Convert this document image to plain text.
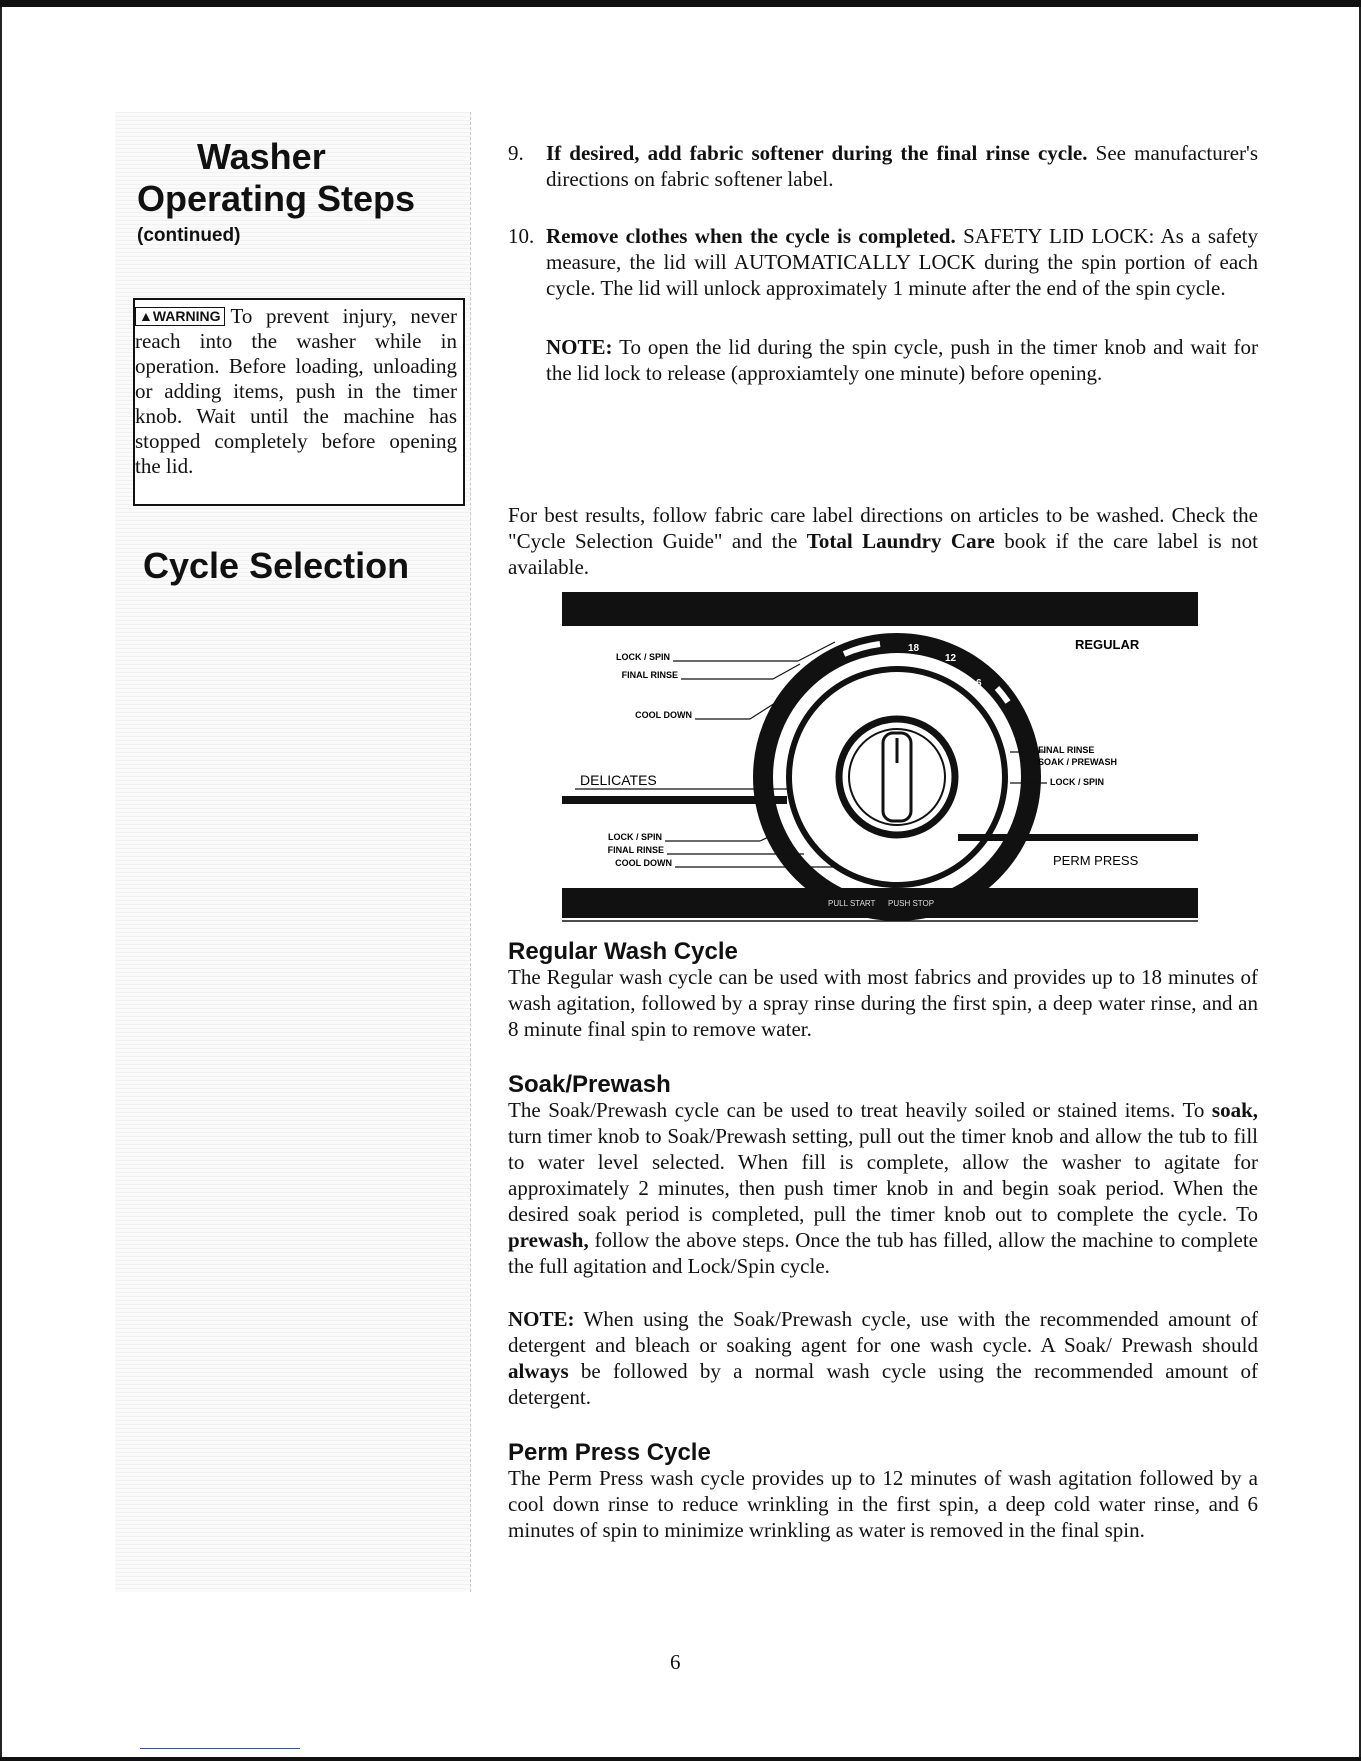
Washer
Operating Steps
(continued)
▲WARNING To prevent injury, never reach into the washer while in operation. Before loading, unloading or adding items, push in the timer knob. Wait until the machine has stopped completely before opening the lid.
Cycle Selection
9. If desired, add fabric softener during the final rinse cycle. See manufacturer's directions on fabric softener label.

10. Remove clothes when the cycle is completed. SAFETY LID LOCK: As a safety measure, the lid will AUTOMATICALLY LOCK during the spin portion of each cycle. The lid will unlock approximately 1 minute after the end of the spin cycle.

NOTE: To open the lid during the spin cycle, push in the timer knob and wait for the lid lock to release (approxiamtely one minute) before opening.

For best results, follow fabric care label directions on articles to be washed. Check the "Cycle Selection Guide" and the Total Laundry Care book if the care label is not available.

REGULAR
DELICATES
PERM PRESS
LOCK / SPIN
FINAL RINSE
COOL DOWN
LOCK / SPIN
FINAL RINSE
COOL DOWN
FINAL RINSE
SOAK / PREWASH
LOCK / SPIN
18
12
6
3
6
4
8
12
PULL START PUSH STOP
Regular Wash Cycle

The Regular wash cycle can be used with most fabrics and provides up to 18 minutes of wash agitation, followed by a spray rinse during the first spin, a deep water rinse, and an 8 minute final spin to remove water.

Soak/Prewash

The Soak/Prewash cycle can be used to treat heavily soiled or stained items. To soak, turn timer knob to Soak/Prewash setting, pull out the timer knob and allow the tub to fill to water level selected. When fill is complete, allow the washer to agitate for approximately 2 minutes, then push timer knob in and begin soak period. When the desired soak period is completed, pull the timer knob out to complete the cycle. To prewash, follow the above steps. Once the tub has filled, allow the machine to complete the full agitation and Lock/Spin cycle.

NOTE: When using the Soak/Prewash cycle, use with the recommended amount of detergent and bleach or soaking agent for one wash cycle. A Soak/ Prewash should always be followed by a normal wash cycle using the recommended amount of detergent.

Perm Press Cycle

The Perm Press wash cycle provides up to 12 minutes of wash agitation followed by a cool down rinse to reduce wrinkling in the first spin, a deep cold water rinse, and 6 minutes of spin to minimize wrinkling as water is removed in the final spin.

6
